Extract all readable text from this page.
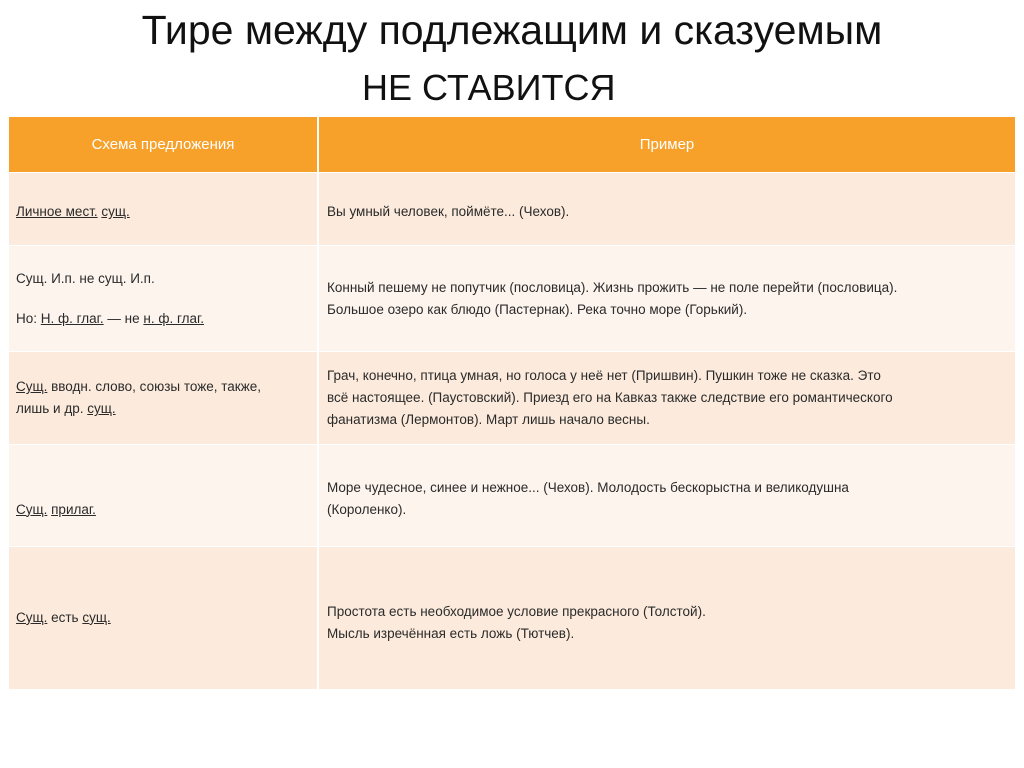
Тире между подлежащим и сказуемым
НЕ СТАВИТСЯ
Схема предложения	Пример

Личное мест. сущ.	Вы умный человек, поймёте... (Чехов).

Сущ. И.п. не сущ. И.п.
Но: Н. ф. глаг. — не н. ф. глаг.	Конный пешему не попутчик (пословица). Жизнь прожить — не поле перейти (пословица).
Большое озеро как блюдо (Пастернак). Река точно море (Горький).

Сущ. вводн. слово, союзы тоже, также,
лишь и др. сущ.	Грач, конечно, птица умная, но голоса у неё нет (Пришвин). Пушкин тоже не сказка. Это
всё настоящее. (Паустовский). Приезд его на Кавказ также следствие его романтического
фанатизма (Лермонтов). Март лишь начало весны.

Сущ. прилаг.	Море чудесное, синее и нежное... (Чехов). Молодость бескорыстна и великодушна
(Короленко).

Сущ. есть сущ.	Простота есть необходимое условие прекрасного (Толстой).
Мысль изречённая есть ложь (Тютчев).
